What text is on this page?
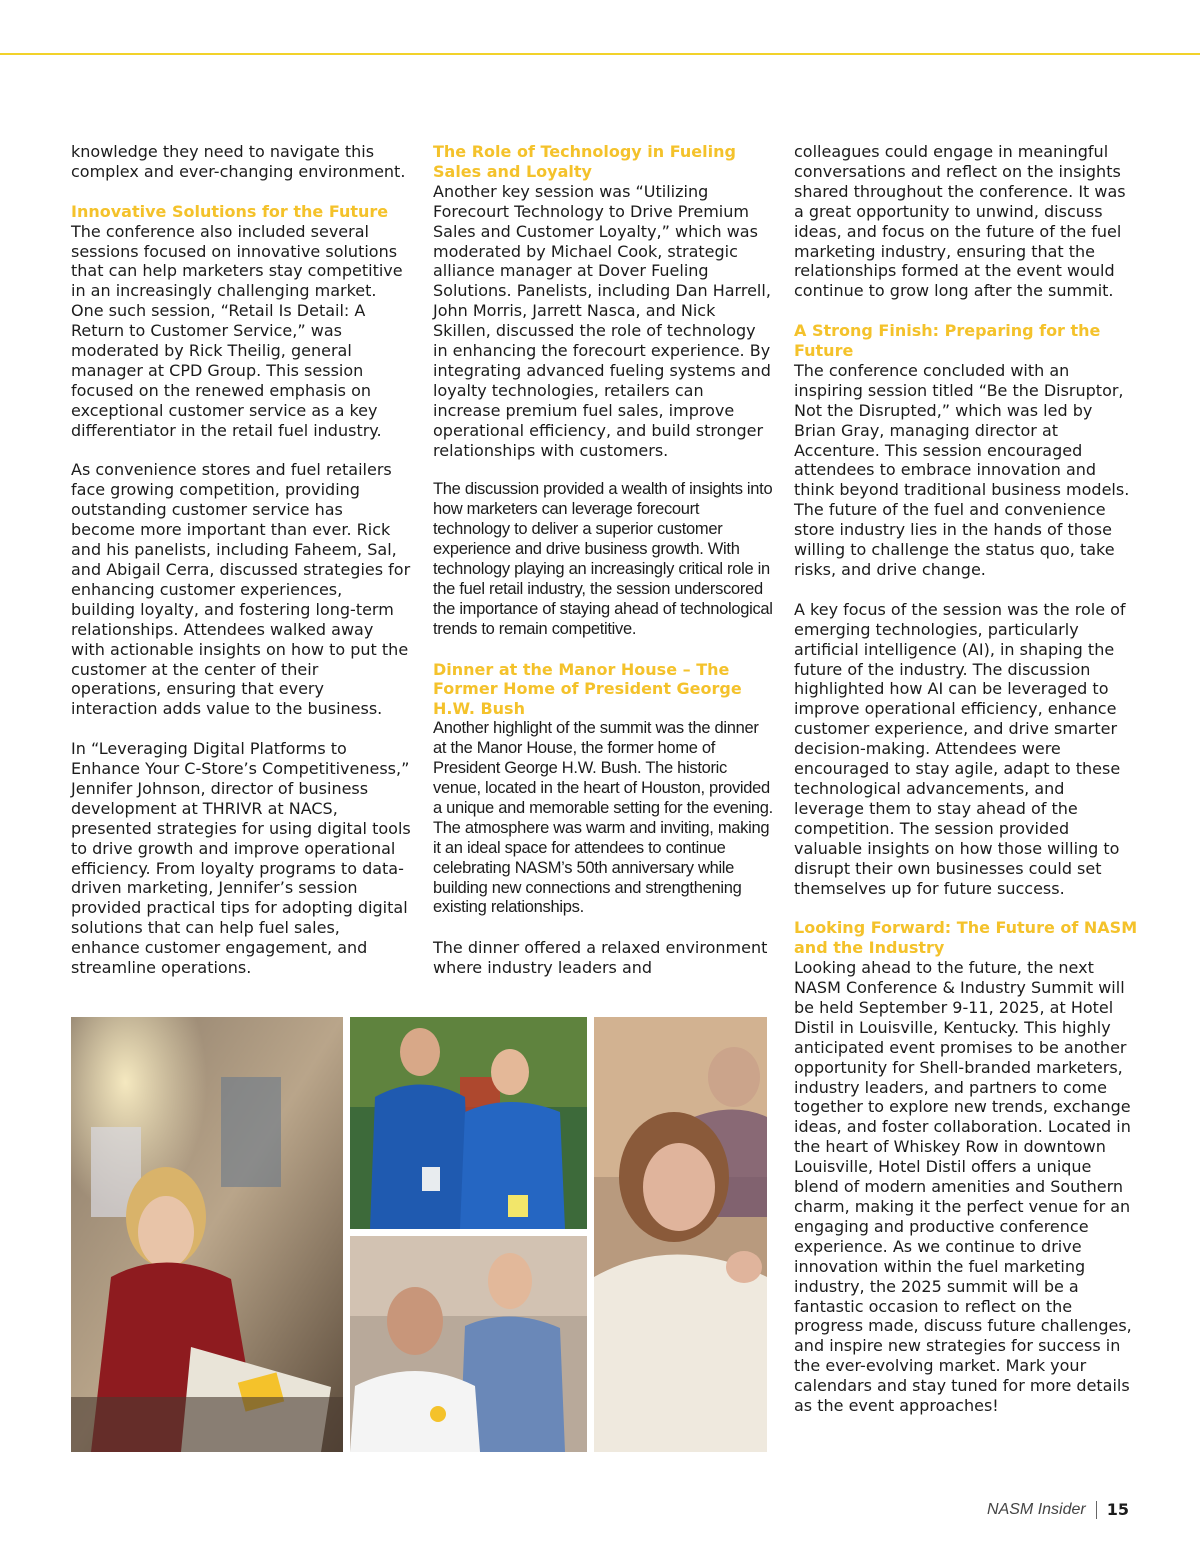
knowledge they need to navigate this complex and ever-changing environment.

Innovative Solutions for the Future

The conference also included several sessions focused on innovative solutions that can help marketers stay competitive in an increasingly challenging market. One such session, “Retail Is Detail: A Return to Customer Service,” was moderated by Rick Theilig, general manager at CPD Group. This session focused on the renewed emphasis on exceptional customer service as a key differentiator in the retail fuel industry.

As convenience stores and fuel retailers face growing competition, providing outstanding customer service has become more important than ever. Rick and his panelists, including Faheem, Sal, and Abigail Cerra, discussed strategies for enhancing customer experiences, building loyalty, and fostering long-term relationships. Attendees walked away with actionable insights on how to put the customer at the center of their operations, ensuring that every interaction adds value to the business.

In “Leveraging Digital Platforms to Enhance Your C-Store’s Competitiveness,” Jennifer Johnson, director of business development at THRIVR at NACS, presented strategies for using digital tools to drive growth and improve operational efficiency. From loyalty programs to data-driven marketing, Jennifer’s session provided practical tips for adopting digital solutions that can help fuel sales, enhance customer engagement, and streamline operations.

The Role of Technology in Fueling Sales and Loyalty

Another key session was “Utilizing Forecourt Technology to Drive Premium Sales and Customer Loyalty,” which was moderated by Michael Cook, strategic alliance manager at Dover Fueling Solutions. Panelists, including Dan Harrell, John Morris, Jarrett Nasca, and Nick Skillen, discussed the role of technology in enhancing the forecourt experience. By integrating advanced fueling systems and loyalty technologies, retailers can increase premium fuel sales, improve operational efficiency, and build stronger relationships with customers.

The discussion provided a wealth of insights into how marketers can leverage forecourt technology to deliver a superior customer experience and drive business growth. With technology playing an increasingly critical role in the fuel retail industry, the session underscored the importance of staying ahead of technological trends to remain competitive.

Dinner at the Manor House – The Former Home of President George H.W. Bush

Another highlight of the summit was the dinner at the Manor House, the former home of President George H.W. Bush. The historic venue, located in the heart of Houston, provided a unique and memorable setting for the evening. The atmosphere was warm and inviting, making it an ideal space for attendees to continue celebrating NASM’s 50th anniversary while building new connections and strengthening existing relationships.

The dinner offered a relaxed environment where industry leaders and

colleagues could engage in meaningful conversations and reflect on the insights shared throughout the conference. It was a great opportunity to unwind, discuss ideas, and focus on the future of the fuel marketing industry, ensuring that the relationships formed at the event would continue to grow long after the summit.

A Strong Finish: Preparing for the Future

The conference concluded with an inspiring session titled “Be the Disruptor, Not the Disrupted,” which was led by Brian Gray, managing director at Accenture. This session encouraged attendees to embrace innovation and think beyond traditional business models. The future of the fuel and convenience store industry lies in the hands of those willing to challenge the status quo, take risks, and drive change.

A key focus of the session was the role of emerging technologies, particularly artificial intelligence (AI), in shaping the future of the industry. The discussion highlighted how AI can be leveraged to improve operational efficiency, enhance customer experience, and drive smarter decision-making. Attendees were encouraged to stay agile, adapt to these technological advancements, and leverage them to stay ahead of the competition. The session provided valuable insights on how those willing to disrupt their own businesses could set themselves up for future success.

Looking Forward: The Future of NASM and the Industry

Looking ahead to the future, the next NASM Conference & Industry Summit will be held September 9-11, 2025, at Hotel Distil in Louisville, Kentucky. This highly anticipated event promises to be another opportunity for Shell-branded marketers, industry leaders, and partners to come together to explore new trends, exchange ideas, and foster collaboration. Located in the heart of Whiskey Row in downtown Louisville, Hotel Distil offers a unique blend of modern amenities and Southern charm, making it the perfect venue for an engaging and productive conference experience. As we continue to drive innovation within the fuel marketing industry, the 2025 summit will be a fantastic occasion to reflect on the progress made, discuss future challenges, and inspire new strategies for success in the ever-evolving market. Mark your calendars and stay tuned for more details as the event approaches!

NASM Insider 15
